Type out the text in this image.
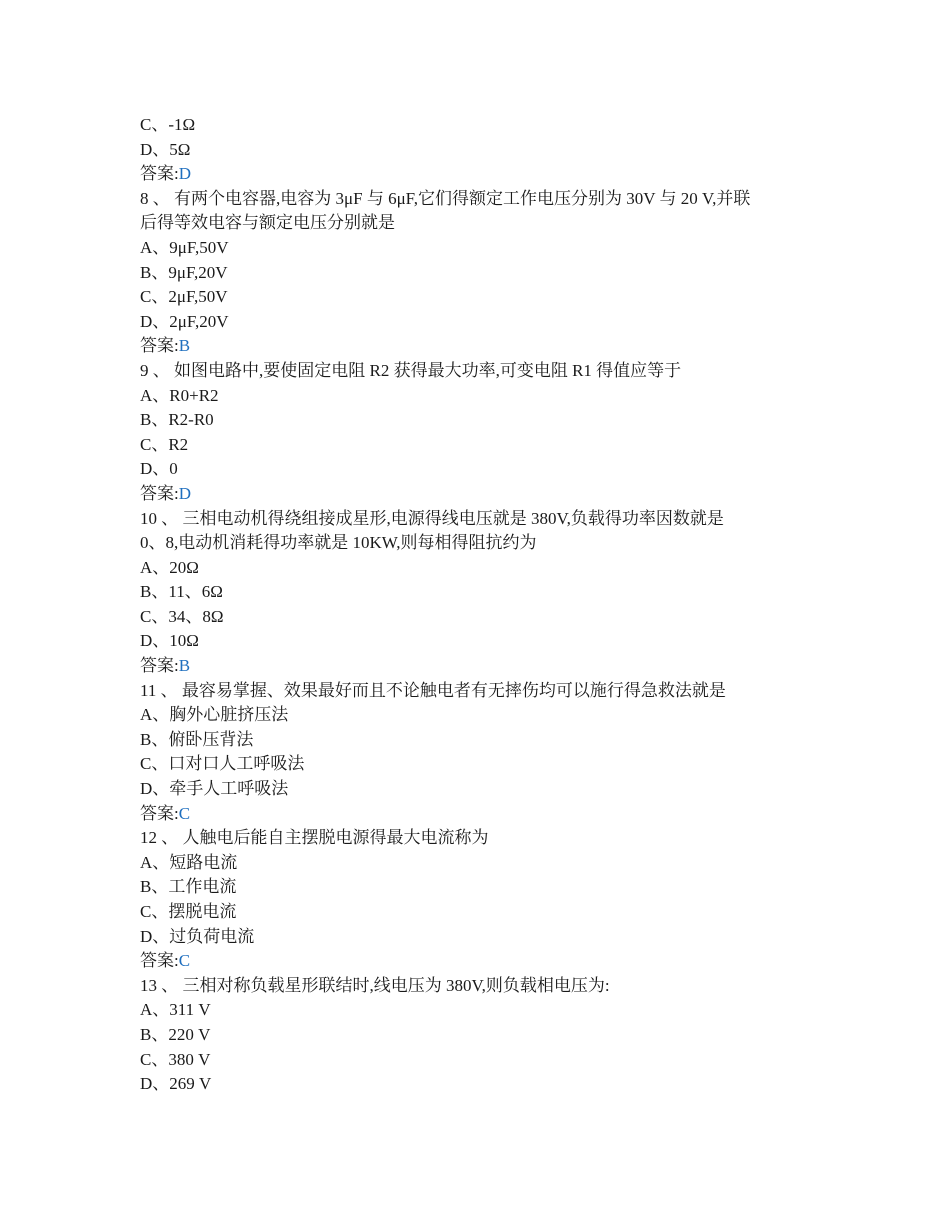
C、-1Ω
D、5Ω
答案:D
8 、 有两个电容器,电容为 3μF 与 6μF,它们得额定工作电压分别为 30V 与 20 V,并联
后得等效电容与额定电压分别就是
A、9μF,50V
B、9μF,20V
C、2μF,50V
D、2μF,20V
答案:B
9 、 如图电路中,要使固定电阻 R2 获得最大功率,可变电阻 R1 得值应等于
A、R0+R2
B、R2-R0
C、R2
D、0
答案:D
10 、 三相电动机得绕组接成星形,电源得线电压就是 380V,负载得功率因数就是
0、8,电动机消耗得功率就是 10KW,则每相得阻抗约为
A、20Ω
B、11、6Ω
C、34、8Ω
D、10Ω
答案:B
11 、 最容易掌握、效果最好而且不论触电者有无摔伤均可以施行得急救法就是
A、胸外心脏挤压法
B、俯卧压背法
C、口对口人工呼吸法
D、牵手人工呼吸法
答案:C
12 、 人触电后能自主摆脱电源得最大电流称为
A、短路电流
B、工作电流
C、摆脱电流
D、过负荷电流
答案:C
13 、 三相对称负载星形联结时,线电压为 380V,则负载相电压为:
A、311 V
B、220 V
C、380 V
D、269 V
